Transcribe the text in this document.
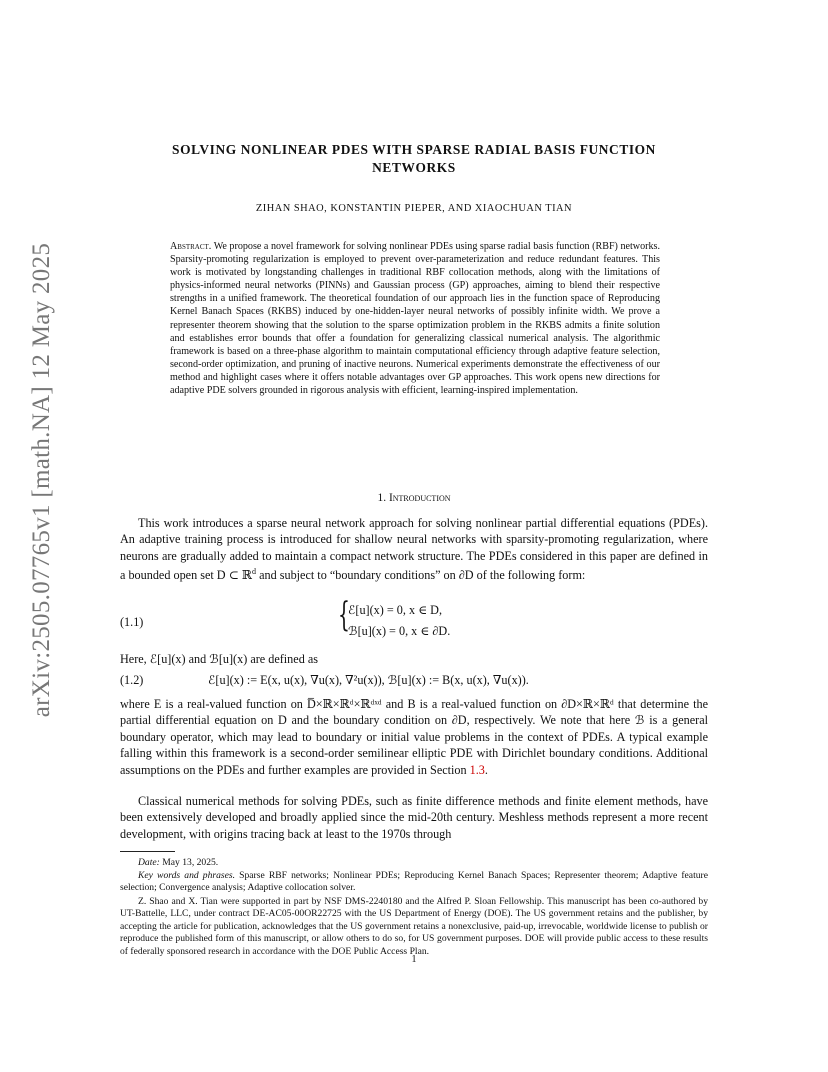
arXiv:2505.07765v1 [math.NA] 12 May 2025
SOLVING NONLINEAR PDES WITH SPARSE RADIAL BASIS FUNCTION
NETWORKS
ZIHAN SHAO, KONSTANTIN PIEPER, AND XIAOCHUAN TIAN
Abstract. We propose a novel framework for solving nonlinear PDEs using sparse radial basis function (RBF) networks. Sparsity-promoting regularization is employed to prevent over-parameterization and reduce redundant features. This work is motivated by longstanding challenges in traditional RBF collocation methods, along with the limitations of physics-informed neural networks (PINNs) and Gaussian process (GP) approaches, aiming to blend their respective strengths in a unified framework. The theoretical foundation of our approach lies in the function space of Reproducing Kernel Banach Spaces (RKBS) induced by one-hidden-layer neural networks of possibly infinite width. We prove a representer theorem showing that the solution to the sparse optimization problem in the RKBS admits a finite solution and establishes error bounds that offer a foundation for generalizing classical numerical analysis. The algorithmic framework is based on a three-phase algorithm to maintain computational efficiency through adaptive feature selection, second-order optimization, and pruning of inactive neurons. Numerical experiments demonstrate the effectiveness of our method and highlight cases where it offers notable advantages over GP approaches. This work opens new directions for adaptive PDE solvers grounded in rigorous analysis with efficient, learning-inspired implementation.
1. Introduction
This work introduces a sparse neural network approach for solving nonlinear partial differential equations (PDEs). An adaptive training process is introduced for shallow neural networks with sparsity-promoting regularization, where neurons are gradually added to maintain a compact network structure. The PDEs considered in this paper are defined in a bounded open set D ⊂ ℝ$^d$ and subject to “boundary conditions” on ∂D of the following form:
(1.1)	{
ℰ[u](x) = 0, x ∈ D,
ℬ[u](x) = 0, x ∈ ∂D.
Here, ℰ[u](x) and ℬ[u](x) are defined as
(1.2)	ℰ[u](x) := E(x, u(x), ∇u(x), ∇²u(x)), ℬ[u](x) := B(x, u(x), ∇u(x)).
where E is a real-valued function on D̅×ℝ×ℝᵈ×ℝᵈˣᵈ and B is a real-valued function on ∂D×ℝ×ℝᵈ that determine the partial differential equation on D and the boundary condition on ∂D, respectively. We note that here ℬ is a general boundary operator, which may lead to boundary or initial value problems in the context of PDEs. A typical example falling within this framework is a second-order semilinear elliptic PDE with Dirichlet boundary conditions. Additional assumptions on the PDEs and further examples are provided in Section 1.3.
Classical numerical methods for solving PDEs, such as finite difference methods and finite element methods, have been extensively developed and broadly applied since the mid-20th century. Meshless methods represent a more recent development, with origins tracing back at least to the 1970s through
Date: May 13, 2025.
Key words and phrases. Sparse RBF networks; Nonlinear PDEs; Reproducing Kernel Banach Spaces; Representer theorem; Adaptive feature selection; Convergence analysis; Adaptive collocation solver.
Z. Shao and X. Tian were supported in part by NSF DMS-2240180 and the Alfred P. Sloan Fellowship. This manuscript has been co-authored by UT-Battelle, LLC, under contract DE-AC05-00OR22725 with the US Department of Energy (DOE). The US government retains and the publisher, by accepting the article for publication, acknowledges that the US government retains a nonexclusive, paid-up, irrevocable, worldwide license to publish or reproduce the published form of this manuscript, or allow others to do so, for US government purposes. DOE will provide public access to these results of federally sponsored research in accordance with the DOE Public Access Plan.
1
